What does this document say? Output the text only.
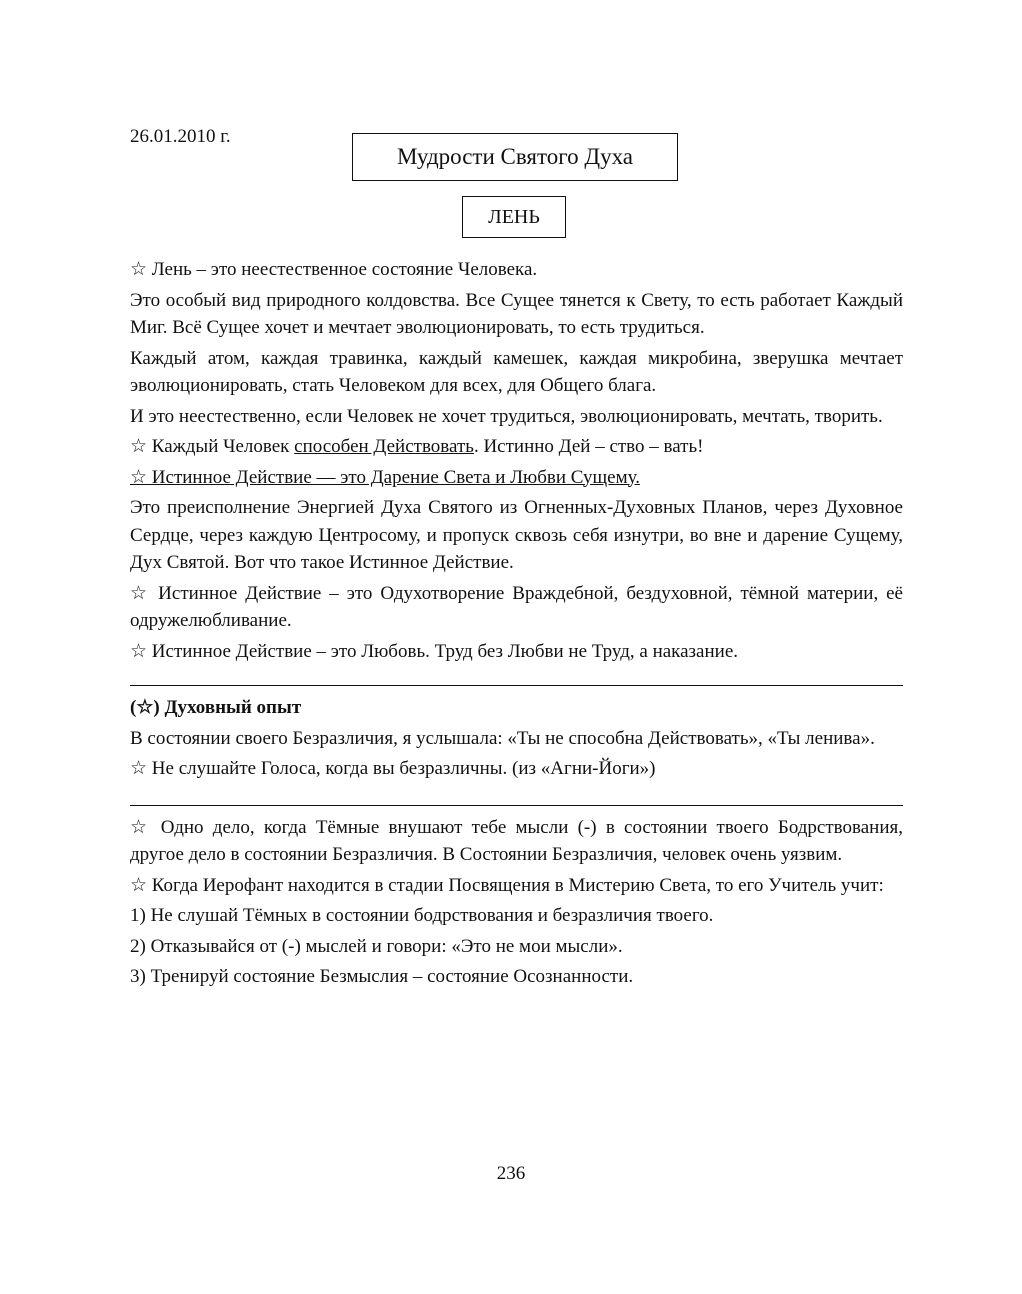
26.01.2010 г.
Мудрости Святого Духа
ЛЕНЬ

☆ Лень – это неестественное состояние Человека.

Это особый вид природного колдовства. Все Сущее тянется к Свету, то есть работает Каждый Миг. Всё Сущее хочет и мечтает эволюционировать, то есть трудиться.

Каждый атом, каждая травинка, каждый камешек, каждая микробина, зверушка мечтает эволюционировать, стать Человеком для всех, для Общего блага.

И это неестественно, если Человек не хочет трудиться, эволюционировать, мечтать, творить.

☆ Каждый Человек способен Действовать. Истинно Дей – ство – вать!

☆ Истинное Действие — это Дарение Света и Любви Сущему.

Это преисполнение Энергией Духа Святого из Огненных-Духовных Планов, через Духовное Сердце, через каждую Центросому, и пропуск сквозь себя изнутри, во вне и дарение Сущему, Дух Святой. Вот что такое Истинное Действие.

☆ Истинное Действие – это Одухотворение Враждебной, бездуховной, тёмной материи, её одружелюбливание.

☆ Истинное Действие – это Любовь. Труд без Любви не Труд, а наказание.

(☆) Духовный опыт

В состоянии своего Безразличия, я услышала: «Ты не способна Действовать», «Ты ленива».

☆ Не слушайте Голоса, когда вы безразличны. (из «Агни-Йоги»)

☆ Одно дело, когда Тёмные внушают тебе мысли (-) в состоянии твоего Бодрствования, другое дело в состоянии Безразличия. В Состоянии Безразличия, человек очень уязвим.

☆ Когда Иерофант находится в стадии Посвящения в Мистерию Света, то его Учитель учит:

1) Не слушай Тёмных в состоянии бодрствования и безразличия твоего.

2) Отказывайся от (-) мыслей и говори: «Это не мои мысли».

3) Тренируй состояние Безмыслия – состояние Осознанности.

236
